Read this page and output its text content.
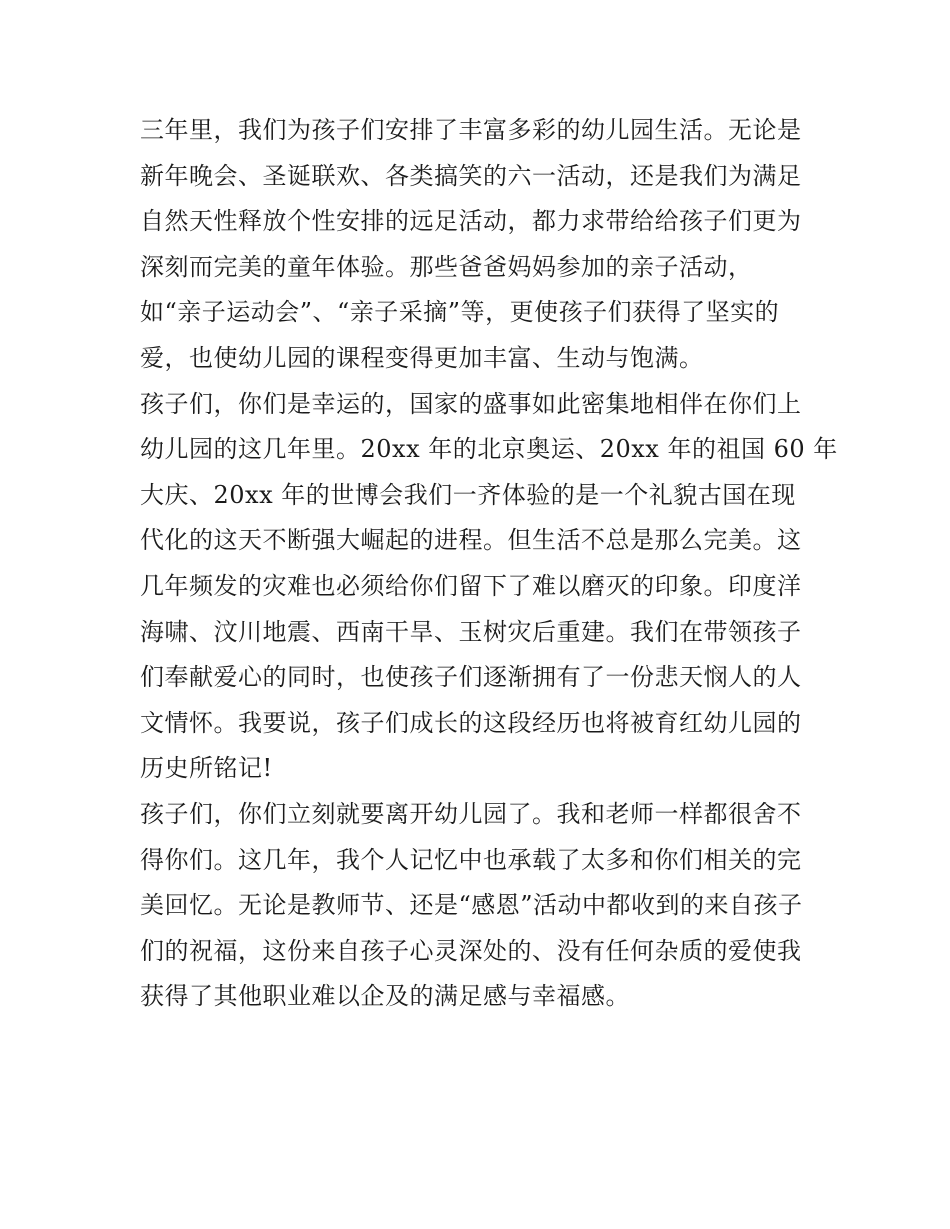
三年里，我们为孩子们安排了丰富多彩的幼儿园生活。无论是
新年晚会、圣诞联欢、各类搞笑的六一活动，还是我们为满足
自然天性释放个性安排的远足活动，都力求带给给孩子们更为
深刻而完美的童年体验。那些爸爸妈妈参加的亲子活动，
如“亲子运动会”、“亲子采摘”等，更使孩子们获得了坚实的
爱，也使幼儿园的课程变得更加丰富、生动与饱满。
孩子们，你们是幸运的，国家的盛事如此密集地相伴在你们上
幼儿园的这几年里。20xx 年的北京奥运、20xx 年的祖国 60 年
大庆、20xx 年的世博会我们一齐体验的是一个礼貌古国在现
代化的这天不断强大崛起的进程。但生活不总是那么完美。这
几年频发的灾难也必须给你们留下了难以磨灭的印象。印度洋
海啸、汶川地震、西南干旱、玉树灾后重建。我们在带领孩子
们奉献爱心的同时，也使孩子们逐渐拥有了一份悲天悯人的人
文情怀。我要说，孩子们成长的这段经历也将被育红幼儿园的
历史所铭记!
孩子们，你们立刻就要离开幼儿园了。我和老师一样都很舍不
得你们。这几年，我个人记忆中也承载了太多和你们相关的完
美回忆。无论是教师节、还是“感恩”活动中都收到的来自孩子
们的祝福，这份来自孩子心灵深处的、没有任何杂质的爱使我
获得了其他职业难以企及的满足感与幸福感。
